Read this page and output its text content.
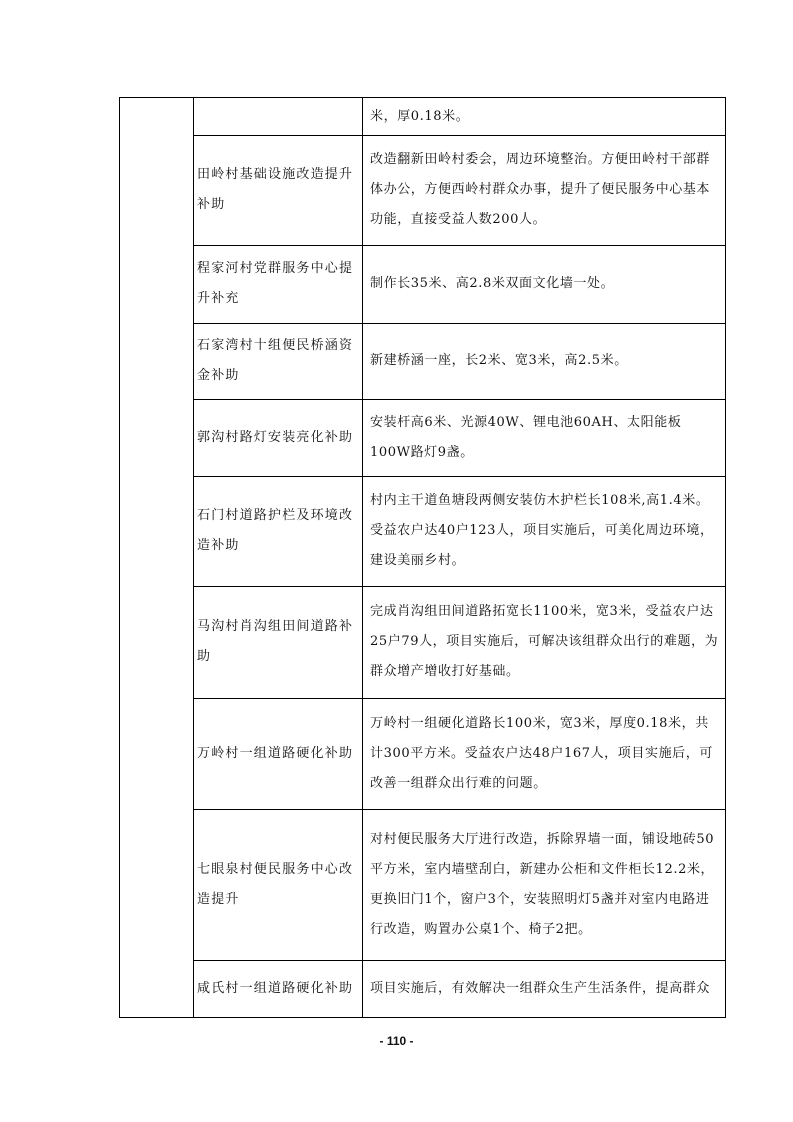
米，厚0.18米。
田岭村基础设施改造提升补助
改造翻新田岭村委会，周边环境整治。方便田岭村干部群体办公，方便西岭村群众办事，提升了便民服务中心基本功能，直接受益人数200人。
程家河村党群服务中心提升补充
制作长35米、高2.8米双面文化墙一处。
石家湾村十组便民桥涵资金补助
新建桥涵一座，长2米、宽3米，高2.5米。
郭沟村路灯安装亮化补助
安装杆高6米、光源40W、锂电池60AH、太阳能板100W路灯9盏。
石门村道路护栏及环境改造补助
村内主干道鱼塘段两侧安装仿木护栏长108米,高1.4米。受益农户达40户123人，项目实施后，可美化周边环境，建设美丽乡村。
马沟村肖沟组田间道路补助
完成肖沟组田间道路拓宽长1100米，宽3米，受益农户达25户79人，项目实施后，可解决该组群众出行的难题，为群众增产增收打好基础。
万岭村一组道路硬化补助
万岭村一组硬化道路长100米，宽3米，厚度0.18米，共计300平方米。受益农户达48户167人，项目实施后，可改善一组群众出行难的问题。
七眼泉村便民服务中心改造提升
对村便民服务大厅进行改造，拆除界墙一面，铺设地砖50平方米，室内墙壁刮白，新建办公柜和文件柜长12.2米，更换旧门1个，窗户3个，安装照明灯5盏并对室内电路进行改造，购置办公桌1个、椅子2把。
咸氏村一组道路硬化补助 项目实施后，有效解决一组群众生产生活条件，提高群众
- 110 -
